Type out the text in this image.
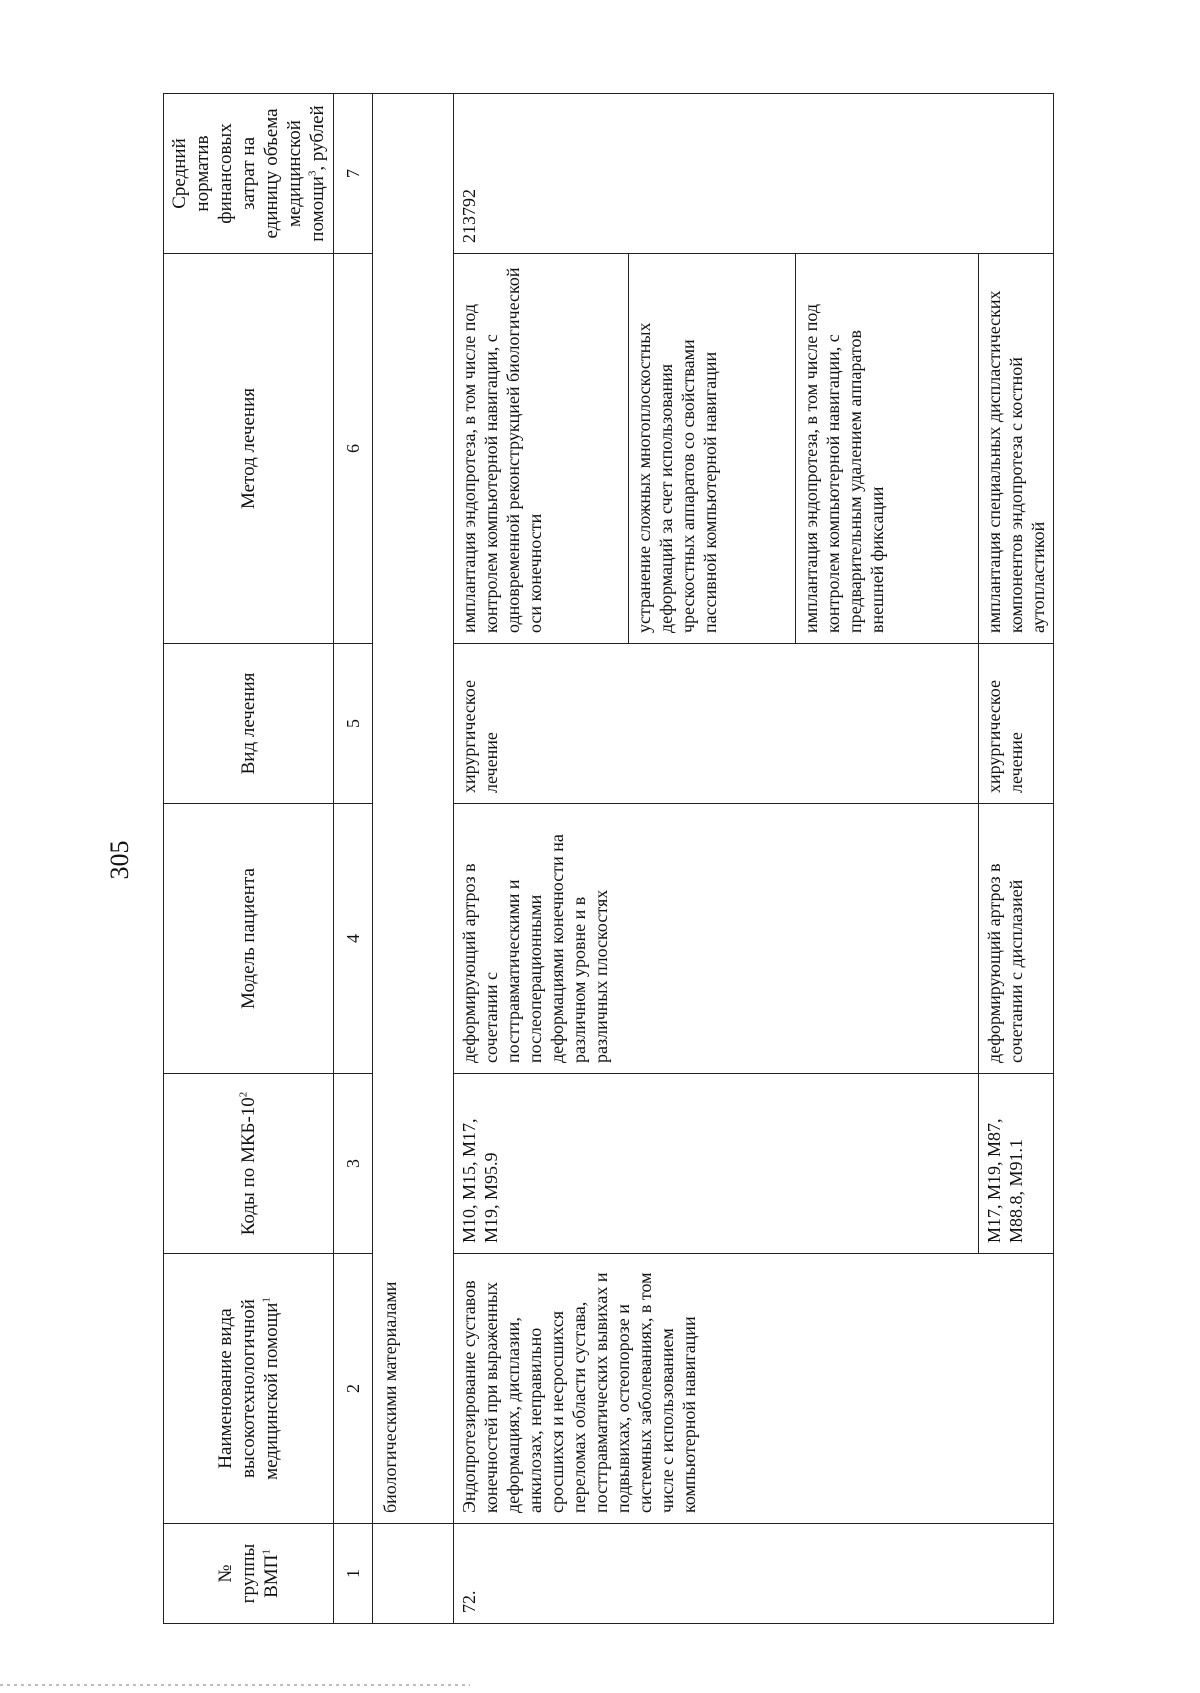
305
№ группы ВМП$^1$	Наименование вида высокотехнологичной медицинской помощи$^1$	Коды по МКБ-$10^2$	Модель пациента	Вид лечения	Метод лечения	Средний норматив финансовых затрат на единицу объема медицинской помощи$^3$, рублей
1	2	3	4	5	6	7
	биологическими материалами					
72.	Эндопротезирование суставов конечностей при выраженных деформациях, дисплазии, анкилозах, неправильно сросшихся и несросшихся переломах области сустава, посттравматических вывихах и подвывихах, остеопорозе и системных заболеваниях, в том числе с использованием компьютерной навигации	M10, M15, M17, M19, M95.9	деформирующий артроз в сочетании с посттравматическими и послеоперационными деформациями конечности на различном уровне и в различных плоскостях	хирургическое лечение	имплантация эндопротеза, в том числе под контролем компьютерной навигации, с одновременной реконструкцией биологической оси конечности	213792
					устранение сложных многоплоскостных деформаций за счет использования чрескостных аппаратов со свойствами пассивной компьютерной навигации	
					имплантация эндопротеза, в том числе под контролем компьютерной навигации, с предварительным удалением аппаратов внешней фиксации	
		M17, M19, M87, M88.8, M91.1	деформирующий артроз в сочетании с дисплазией	хирургическое лечение	имплантация специальных диспластических компонентов эндопротеза с костной аутопластикой	
